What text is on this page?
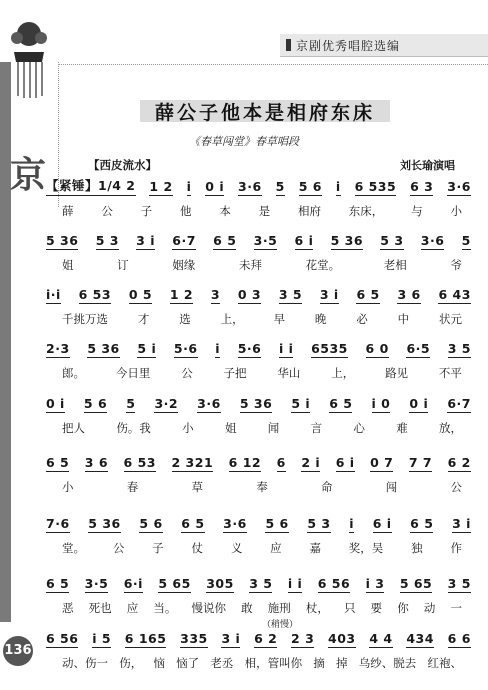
京剧优秀唱腔选编
京
薛公子他本是相府东床
《春草闯堂》春草唱段
【西皮流水】	刘长瑜演唱
【紧锤】1/4 2 1 2 i 0 i 3·6 5 5 6 i 6 535 6 3 3·6
薛 公 子 他 本 是 相府 东床， 与 小
5 36 5 3 3 i 6·7 6 5 3·5 6 i 5 36 5 3 3·6 5
姐	订	姻缘	未拜	花堂。	老相	爷
i·i 6 53 0 5 1 2 3 0 3 3 5 3 i 6 5 3 6 6 43
千挑万选	才	选	上，	早	晚	必	中	状元
2·3 5 36 5 i 5·6 i 5·6 i i 6535 6 0 6·5 3 5
郎。	今日里	公	子把	华山	上，	路见	不平
0 i 5 6 5 3·2 3·6 5 36 5 i 6 5 i 0 0 i 6·7
把人	伤。我	小	姐	闻	言	心	难	放，
6 5 3 6 6 53 2 321 6 12 6 2 i 6 i 0 7 7 7 6 2
小	春	草	奉	命	闯	公
7·6 5 36 5 6 6 5 3·6 5 6 5 3 i 6 i 6 5 3 i
堂。 公 子 仗 义 应 嘉 奖，吴 独 作
6 5 3·5 6·i 5 65 305 3 5 i i 6 56 i 3 5 65 3 5
恶 死也 应 当。 慢说你 敢 施刑 杖， 只 要 你 动 一
（稍慢）
6 56 i 5 6 165 335 3 i 6 2 2 3 403 4 4 434 6 6
动、伤一 伤， 恼 恼了 老丞 相，管叫你 摘 掉 乌纱、脱去 红袍、
136
